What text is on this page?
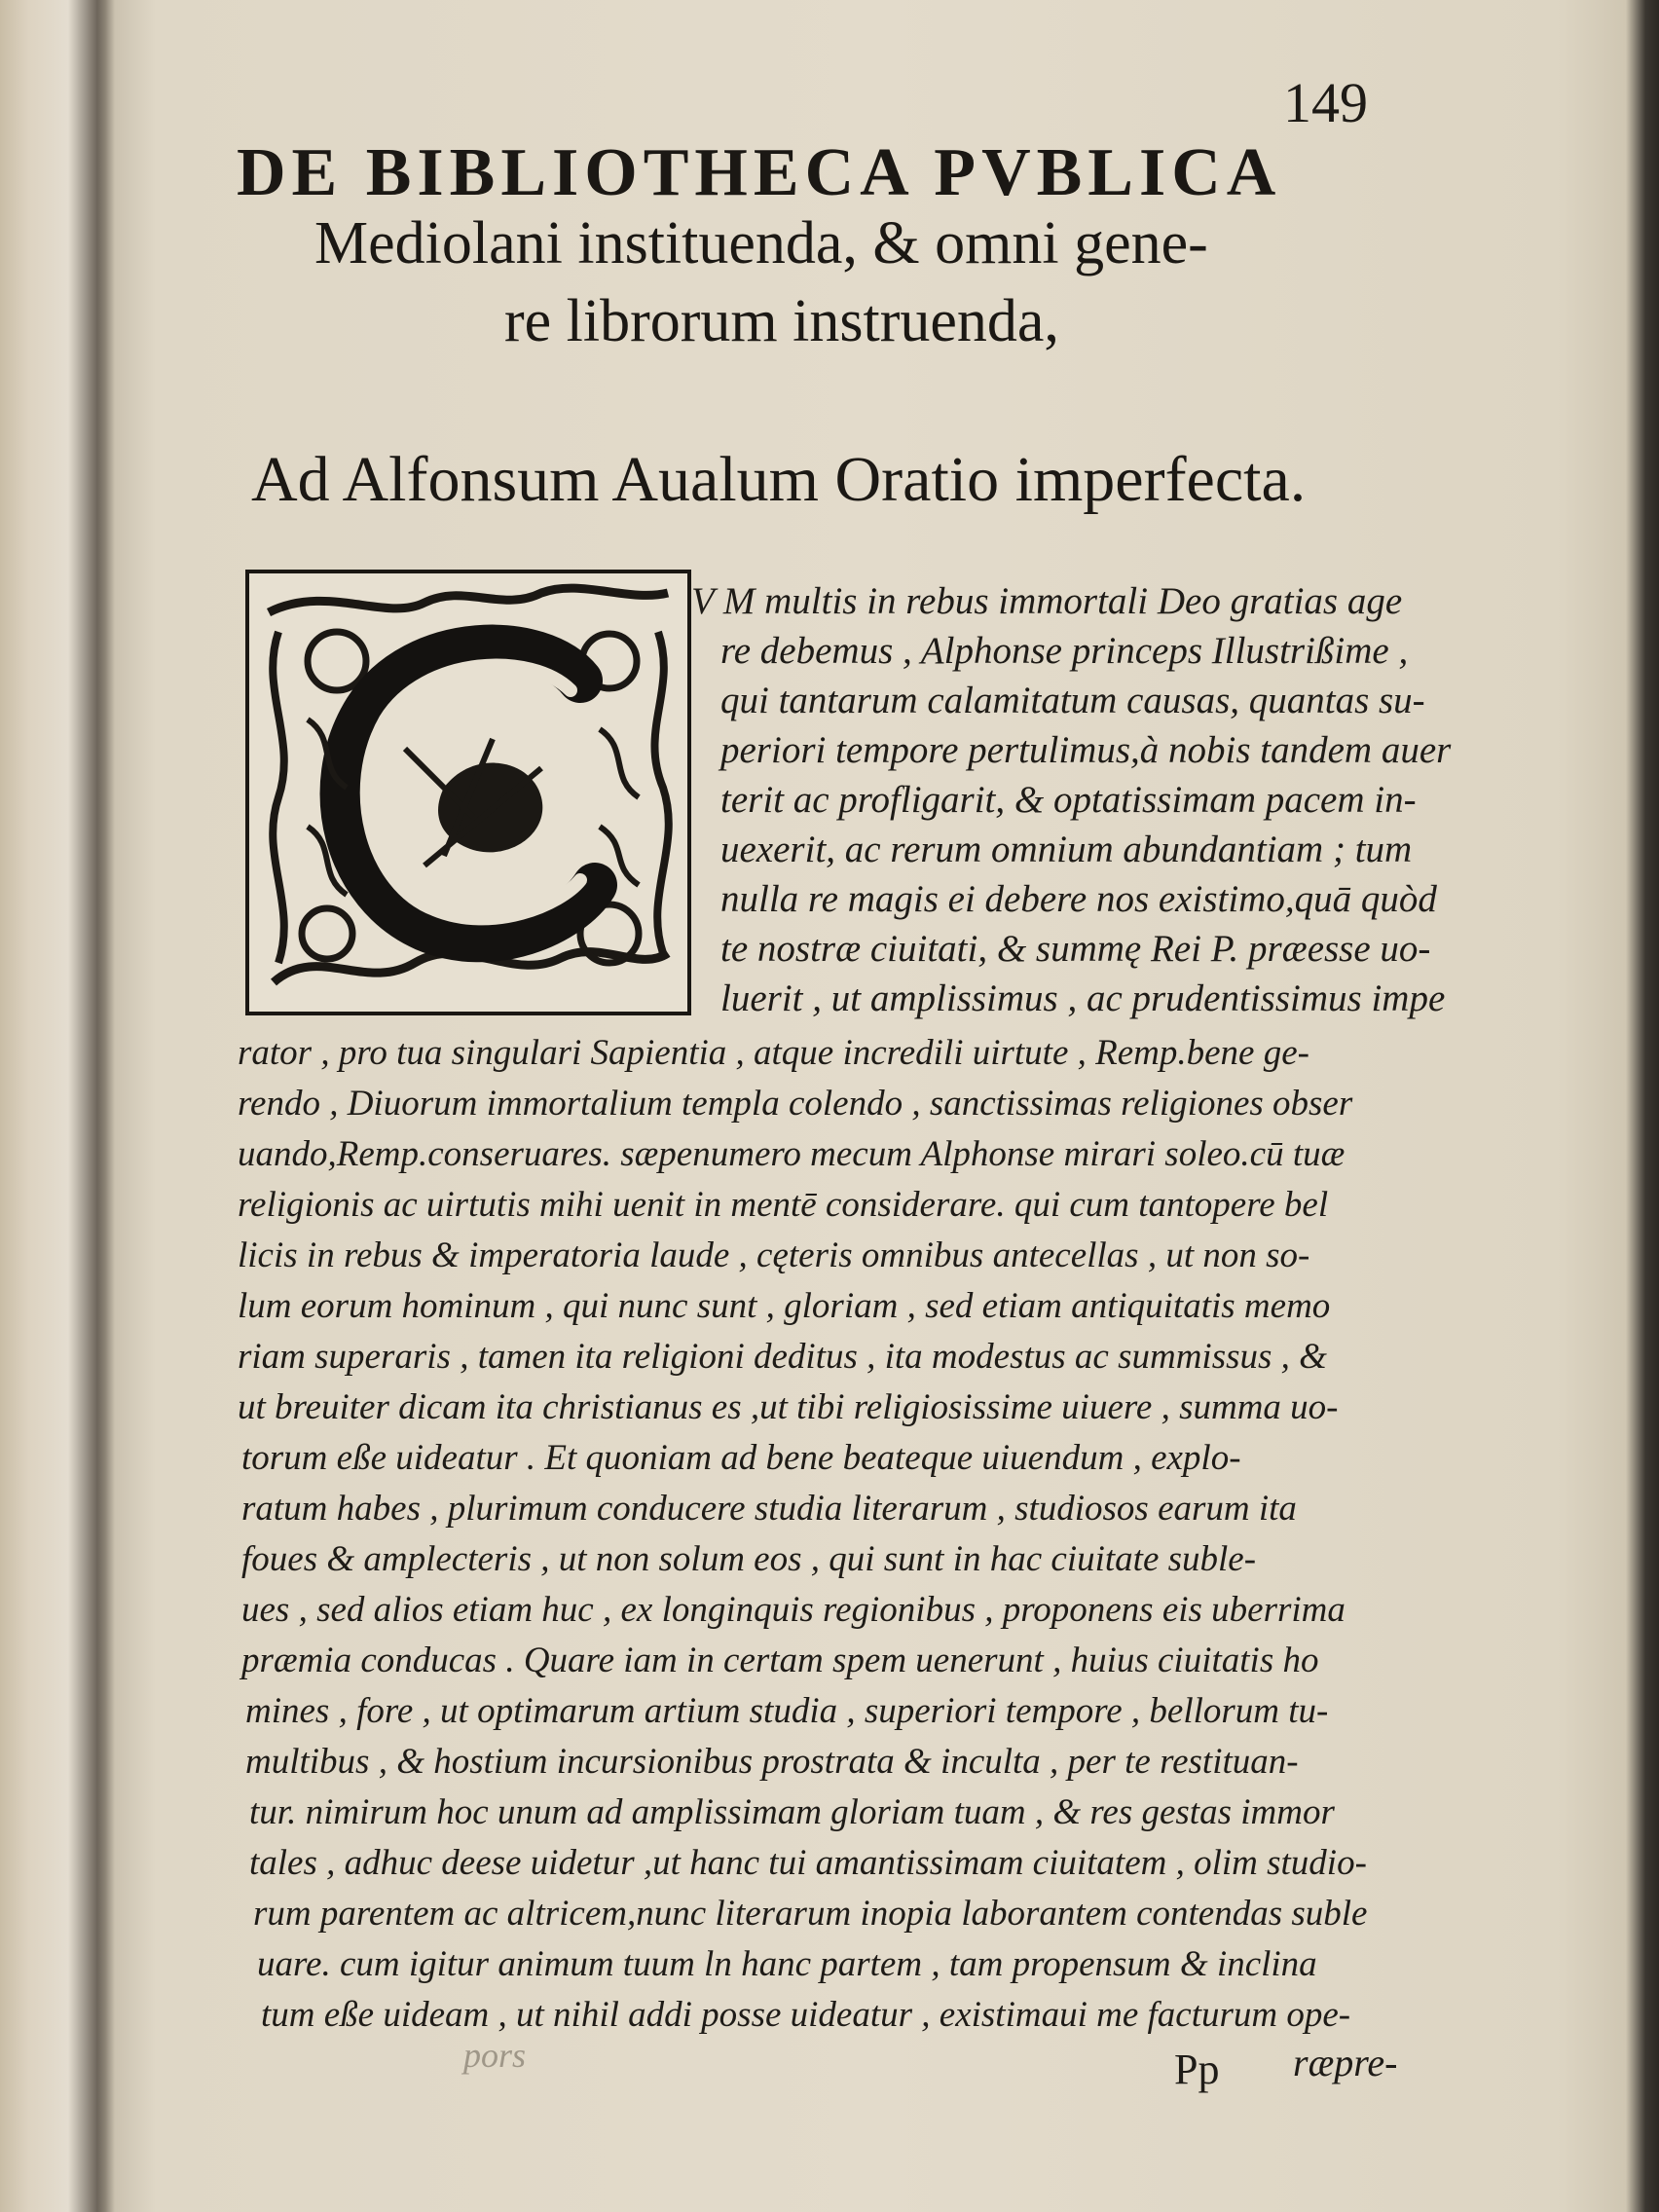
149
DE BIBLIOTHECA PVBLICA
Mediolani instituenda, & omni gene-
re librorum instruenda,
Ad Alfonsum Aualum Oratio imperfecta.
V M multis in rebus immortali Deo gratias age
re debemus , Alphonse princeps Illustrißime ,
qui tantarum calamitatum causas, quantas su-
periori tempore pertulimus,à nobis tandem auer
terit ac profligarit, & optatissimam pacem in-
uexerit, ac rerum omnium abundantiam ; tum
nulla re magis ei debere nos existimo,quā quòd
te nostræ ciuitati, & summę Rei P. præesse uo-
luerit , ut amplissimus , ac prudentissimus impe
rator , pro tua singulari Sapientia , atque incredili uirtute , Remp.bene ge-
rendo , Diuorum immortalium templa colendo , sanctissimas religiones obser
uando,Remp.conseruares. sæpenumero mecum Alphonse mirari soleo.cū tuæ
religionis ac uirtutis mihi uenit in mentē considerare. qui cum tantopere bel
licis in rebus & imperatoria laude , cęteris omnibus antecellas , ut non so-
lum eorum hominum , qui nunc sunt , gloriam , sed etiam antiquitatis memo
riam superaris , tamen ita religioni deditus , ita modestus ac summissus , &
ut breuiter dicam ita christianus es ,ut tibi religiosissime uiuere , summa uo-
torum eße uideatur . Et quoniam ad bene beateque uiuendum , explo-
ratum habes , plurimum conducere studia literarum , studiosos earum ita
foues & amplecteris , ut non solum eos , qui sunt in hac ciuitate suble-
ues , sed alios etiam huc , ex longinquis regionibus , proponens eis uberrima
præmia conducas . Quare iam in certam spem uenerunt , huius ciuitatis ho
mines , fore , ut optimarum artium studia , superiori tempore , bellorum tu-
multibus , & hostium incursionibus prostrata & inculta , per te restituan-
tur. nimirum hoc unum ad amplissimam gloriam tuam , & res gestas immor
tales , adhuc deese uidetur ,ut hanc tui amantissimam ciuitatem , olim studio-
rum parentem ac altricem,nunc literarum inopia laborantem contendas suble
uare. cum igitur animum tuum ln hanc partem , tam propensum & inclina
tum eße uideam , ut nihil addi posse uideatur , existimaui me facturum ope-
pors	Pp ræpre-
